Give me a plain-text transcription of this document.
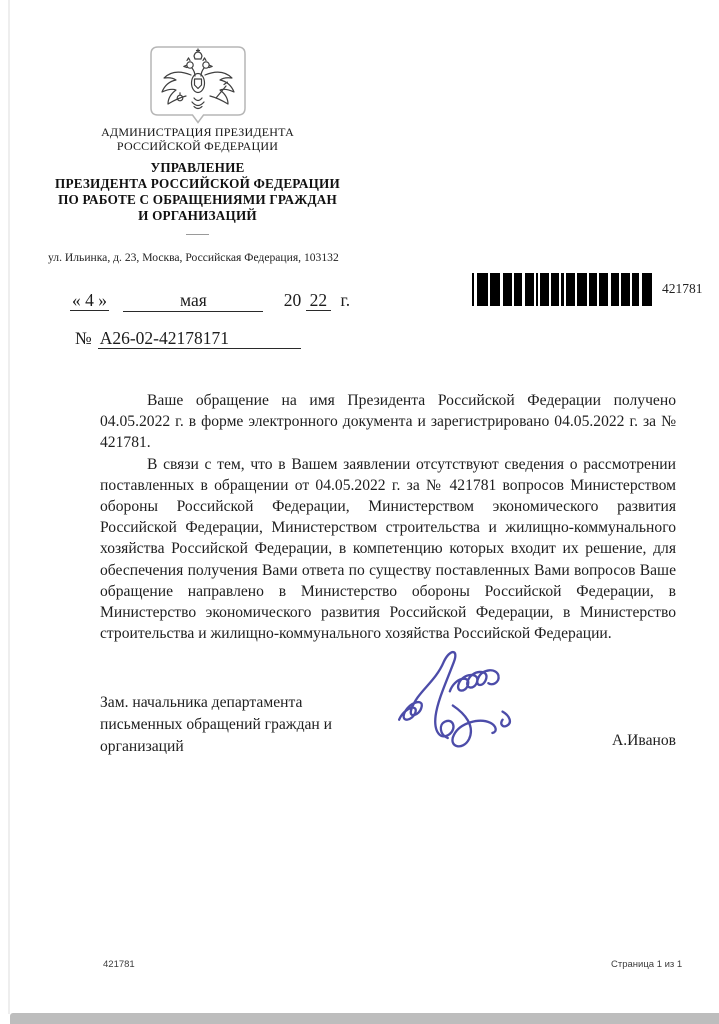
АДМИНИСТРАЦИЯ ПРЕЗИДЕНТА
РОССИЙСКОЙ ФЕДЕРАЦИИ
УПРАВЛЕНИЕ
ПРЕЗИДЕНТА РОССИЙСКОЙ ФЕДЕРАЦИИ
ПО РАБОТЕ С ОБРАЩЕНИЯМИ ГРАЖДАН
И ОРГАНИЗАЦИЙ
ул. Ильинка, д. 23, Москва, Российская Федерация, 103132
« 4 »	мая	20 22 г.
№ А26-02-42178171
421781

Ваше обращение на имя Президента Российской Федерации получено 04.05.2022 г. в форме электронного документа и зарегистрировано 04.05.2022 г. за № 421781.

В связи с тем, что в Вашем заявлении отсутствуют сведения о рассмотрении поставленных в обращении от 04.05.2022 г. за № 421781 вопросов Министерством обороны Российской Федерации, Министерством экономического развития Российской Федерации, Министерством строительства и жилищно-коммунального хозяйства Российской Федерации, в компетенцию которых входит их решение, для обеспечения получения Вами ответа по существу поставленных Вами вопросов Ваше обращение направлено в Министерство обороны Российской Федерации, в Министерство экономического развития Российской Федерации, в Министерство строительства и жилищно-коммунального хозяйства Российской Федерации.

Зам. начальника департамента
письменных обращений граждан и
организаций	А.Иванов
421781	Страница 1 из 1
